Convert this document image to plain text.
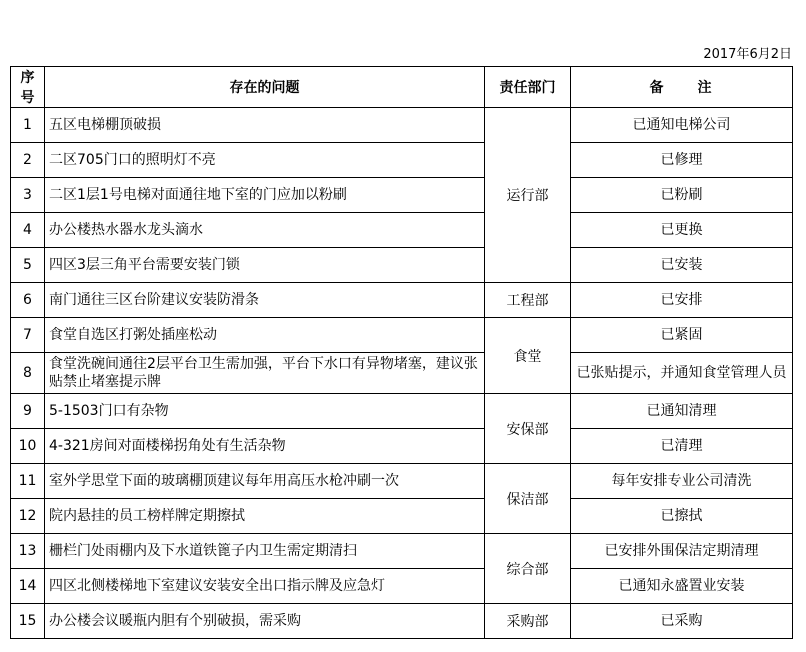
2017年6月2日
序号	存在的问题	责任部门	备　　注
1	五区电梯棚顶破损	运行部	已通知电梯公司
2	二区705门口的照明灯不亮		已修理
3	二区1层1号电梯对面通往地下室的门应加以粉刷		已粉刷
4	办公楼热水器水龙头滴水		已更换
5	四区3层三角平台需要安装门锁		已安装
6	南门通往三区台阶建议安装防滑条	工程部	已安排
7	食堂自选区打粥处插座松动	食堂	已紧固
8	食堂洗碗间通往2层平台卫生需加强，平台下水口有异物堵塞，建议张贴禁止堵塞提示牌		已张贴提示，并通知食堂管理人员
9	5-1503门口有杂物	安保部	已通知清理
10	4-321房间对面楼梯拐角处有生活杂物		已清理
11	室外学思堂下面的玻璃棚顶建议每年用高压水枪冲刷一次	保洁部	每年安排专业公司清洗
12	院内悬挂的员工榜样牌定期擦拭		已擦拭
13	栅栏门处雨棚内及下水道铁篦子内卫生需定期清扫	综合部	已安排外围保洁定期清理
14	四区北侧楼梯地下室建议安装安全出口指示牌及应急灯		已通知永盛置业安装
15	办公楼会议暖瓶内胆有个别破损，需采购	采购部	已采购
